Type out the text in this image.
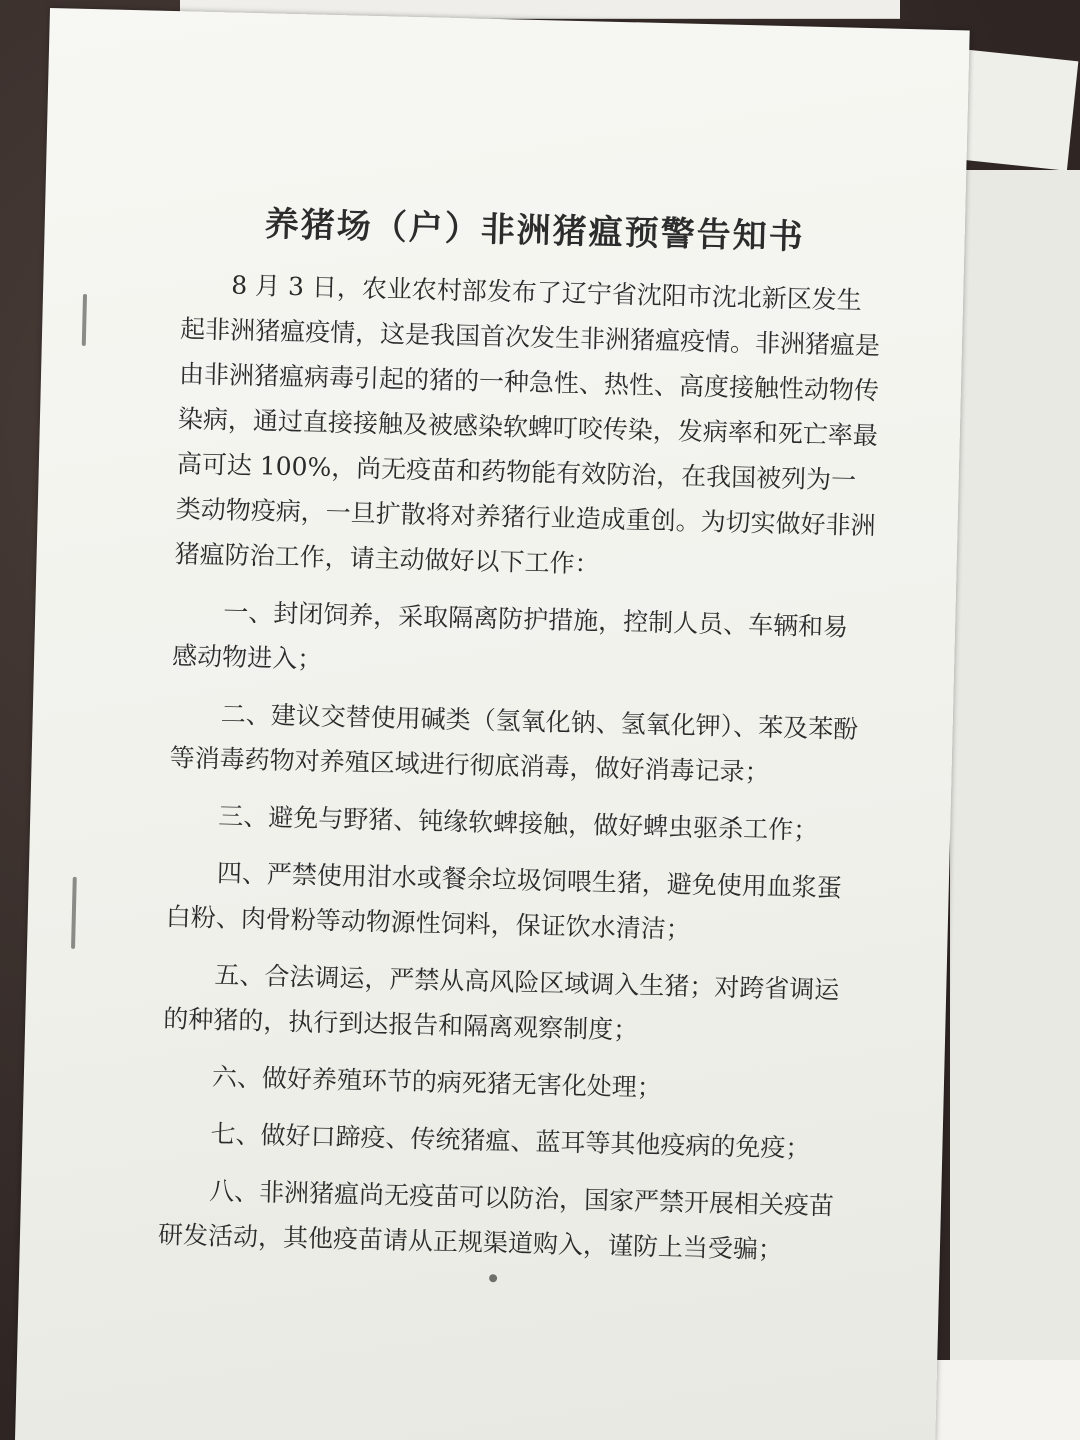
养猪场（户）非洲猪瘟预警告知书

8 月 3 日，农业农村部发布了辽宁省沈阳市沈北新区发生起非洲猪瘟疫情，这是我国首次发生非洲猪瘟疫情。非洲猪瘟是由非洲猪瘟病毒引起的猪的一种急性、热性、高度接触性动物传染病，通过直接接触及被感染软蜱叮咬传染，发病率和死亡率最高可达 100%，尚无疫苗和药物能有效防治，在我国被列为一类动物疫病，一旦扩散将对养猪行业造成重创。为切实做好非洲猪瘟防治工作，请主动做好以下工作：

一、封闭饲养，采取隔离防护措施，控制人员、车辆和易感动物进入；

二、建议交替使用碱类（氢氧化钠、氢氧化钾）、苯及苯酚等消毒药物对养殖区域进行彻底消毒，做好消毒记录；

三、避免与野猪、钝缘软蜱接触，做好蜱虫驱杀工作；

四、严禁使用泔水或餐余垃圾饲喂生猪，避免使用血浆蛋白粉、肉骨粉等动物源性饲料，保证饮水清洁；

五、合法调运，严禁从高风险区域调入生猪；对跨省调运的种猪的，执行到达报告和隔离观察制度；

六、做好养殖环节的病死猪无害化处理；

七、做好口蹄疫、传统猪瘟、蓝耳等其他疫病的免疫；

八、非洲猪瘟尚无疫苗可以防治，国家严禁开展相关疫苗研发活动，其他疫苗请从正规渠道购入，谨防上当受骗；
